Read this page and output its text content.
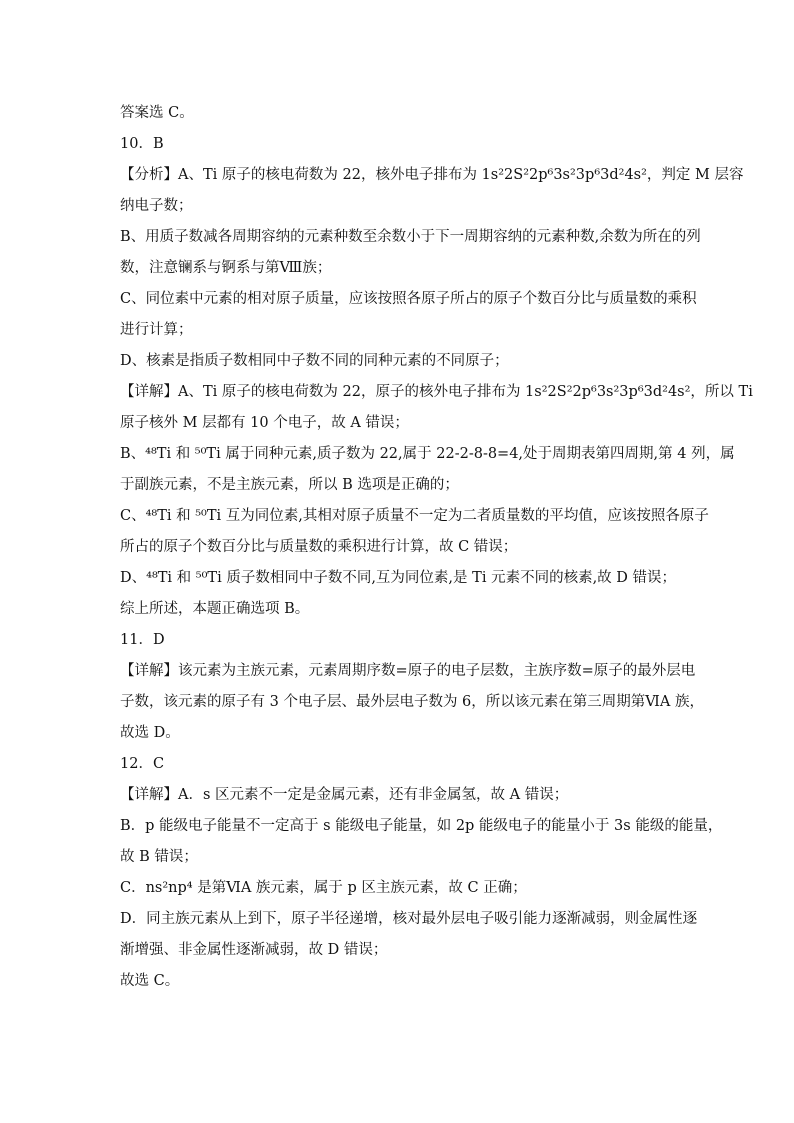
答案选 C。
10．B
【分析】A、Ti 原子的核电荷数为 22，核外电子排布为 1s²2S²2p⁶3s²3p⁶3d²4s²，判定 M 层容
纳电子数；
B、用质子数减各周期容纳的元素种数至余数小于下一周期容纳的元素种数,余数为所在的列
数，注意镧系与锕系与第Ⅷ族；
C、同位素中元素的相对原子质量，应该按照各原子所占的原子个数百分比与质量数的乘积
进行计算；
D、核素是指质子数相同中子数不同的同种元素的不同原子；
【详解】A、Ti 原子的核电荷数为 22，原子的核外电子排布为 1s²2S²2p⁶3s²3p⁶3d²4s²，所以 Ti
原子核外 M 层都有 10 个电子，故 A 错误；
B、⁴⁸Ti 和 ⁵⁰Ti 属于同种元素,质子数为 22,属于 22-2-8-8=4,处于周期表第四周期,第 4 列，属
于副族元素，不是主族元素，所以 B 选项是正确的；
C、⁴⁸Ti 和 ⁵⁰Ti 互为同位素,其相对原子质量不一定为二者质量数的平均值，应该按照各原子
所占的原子个数百分比与质量数的乘积进行计算，故 C 错误；
D、⁴⁸Ti 和 ⁵⁰Ti 质子数相同中子数不同,互为同位素,是 Ti 元素不同的核素,故 D 错误；
综上所述，本题正确选项 B。
11．D
【详解】该元素为主族元素，元素周期序数=原子的电子层数，主族序数=原子的最外层电
子数，该元素的原子有 3 个电子层、最外层电子数为 6，所以该元素在第三周期第ⅥA 族，
故选 D。
12．C
【详解】A．s 区元素不一定是金属元素，还有非金属氢，故 A 错误；
B．p 能级电子能量不一定高于 s 能级电子能量，如 2p 能级电子的能量小于 3s 能级的能量，
故 B 错误；
C．ns²np⁴ 是第ⅥA 族元素，属于 p 区主族元素，故 C 正确；
D．同主族元素从上到下，原子半径递增，核对最外层电子吸引能力逐渐减弱，则金属性逐
渐增强、非金属性逐渐减弱，故 D 错误；
故选 C。
